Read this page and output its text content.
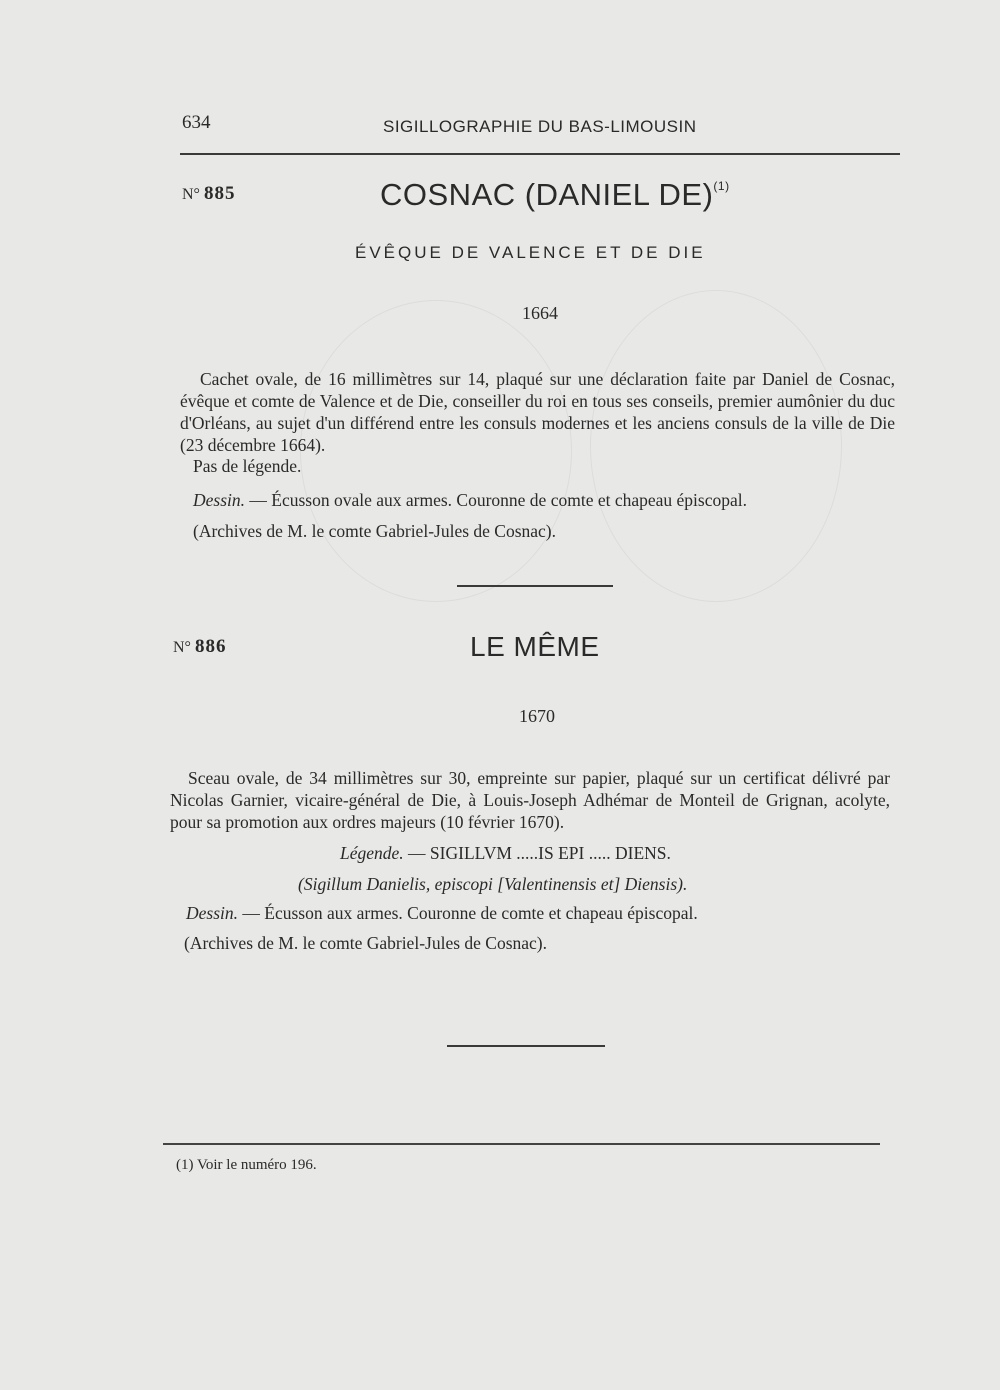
634	SIGILLOGRAPHIE DU BAS-LIMOUSIN
N° 885	COSNAC (DANIEL DE)$^{(1)}$
ÉVÊQUE DE VALENCE ET DE DIE
1664

Cachet ovale, de 16 millimètres sur 14, plaqué sur une déclaration faite par Daniel de Cosnac, évêque et comte de Valence et de Die, conseiller du roi en tous ses conseils, premier aumônier du duc d'Orléans, au sujet d'un différend entre les consuls modernes et les anciens consuls de la ville de Die (23 décembre 1664).

Pas de légende.
Dessin. — Écusson ovale aux armes. Couronne de comte et chapeau épiscopal.
(Archives de M. le comte Gabriel-Jules de Cosnac).
N° 886	LE MÊME
1670

Sceau ovale, de 34 millimètres sur 30, empreinte sur papier, plaqué sur un certificat délivré par Nicolas Garnier, vicaire-général de Die, à Louis-Joseph Adhémar de Monteil de Grignan, acolyte, pour sa promotion aux ordres majeurs (10 février 1670).

Légende. — SIGILLVM .....IS EPI ..... DIENS.
(Sigillum Danielis, episcopi [Valentinensis et] Diensis).
Dessin. — Écusson aux armes. Couronne de comte et chapeau épiscopal.
(Archives de M. le comte Gabriel-Jules de Cosnac).
(1) Voir le numéro 196.
